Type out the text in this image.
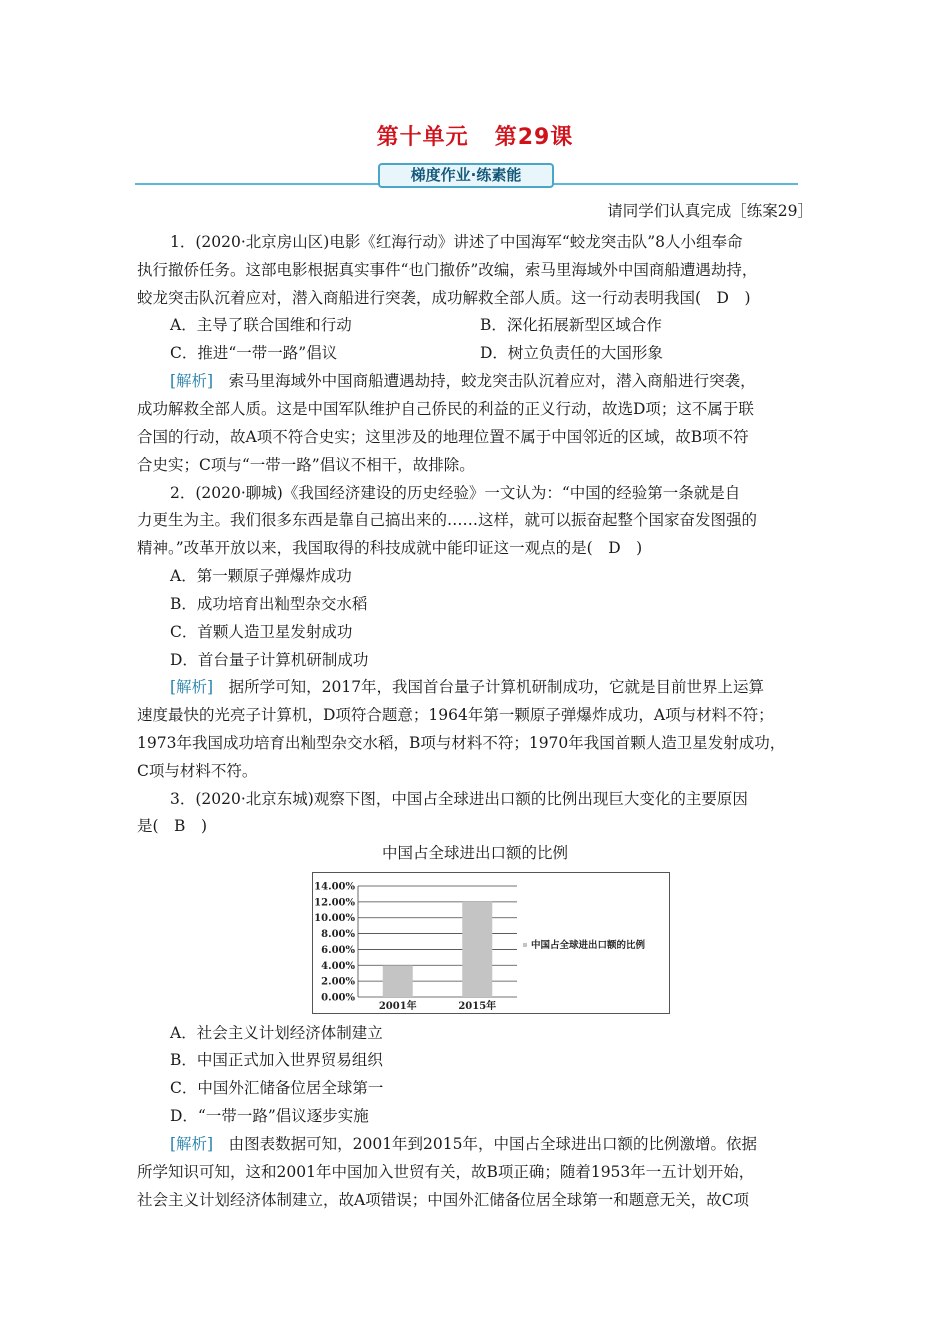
第十单元 第29课
梯度作业·练素能
请同学们认真完成［练案29］
1．(2020·北京房山区)电影《红海行动》讲述了中国海军“蛟龙突击队”8人小组奉命
执行撤侨任务。这部电影根据真实事件“也门撤侨”改编，索马里海域外中国商船遭遇劫持，
蛟龙突击队沉着应对，潜入商船进行突袭，成功解救全部人质。这一行动表明我国(　D　)
A．主导了联合国维和行动	B．深化拓展新型区域合作
C．推进“一带一路”倡议	D．树立负责任的大国形象
[解析]　索马里海域外中国商船遭遇劫持，蛟龙突击队沉着应对，潜入商船进行突袭，
成功解救全部人质。这是中国军队维护自己侨民的利益的正义行动，故选D项；这不属于联
合国的行动，故A项不符合史实；这里涉及的地理位置不属于中国邻近的区域，故B项不符
合史实；C项与“一带一路”倡议不相干，故排除。
2．(2020·聊城)《我国经济建设的历史经验》一文认为：“中国的经验第一条就是自
力更生为主。我们很多东西是靠自己搞出来的……这样，就可以振奋起整个国家奋发图强的
精神。”改革开放以来，我国取得的科技成就中能印证这一观点的是(　D　)
A．第一颗原子弹爆炸成功
B．成功培育出籼型杂交水稻
C．首颗人造卫星发射成功
D．首台量子计算机研制成功
[解析]　据所学可知，2017年，我国首台量子计算机研制成功，它就是目前世界上运算
速度最快的光亮子计算机，D项符合题意；1964年第一颗原子弹爆炸成功，A项与材料不符；
1973年我国成功培育出籼型杂交水稻，B项与材料不符；1970年我国首颗人造卫星发射成功，
C项与材料不符。
3．(2020·北京东城)观察下图，中国占全球进出口额的比例出现巨大变化的主要原因
是(　B　)
中国占全球进出口额的比例
0.00%
2.00%
4.00%
6.00%
8.00%
10.00%
12.00%
14.00%
2001年	2015年
中国占全球进出口额的比例
A．社会主义计划经济体制建立
B．中国正式加入世界贸易组织
C．中国外汇储备位居全球第一
D．“一带一路”倡议逐步实施
[解析]　由图表数据可知，2001年到2015年，中国占全球进出口额的比例激增。依据
所学知识可知，这和2001年中国加入世贸有关，故B项正确；随着1953年一五计划开始，
社会主义计划经济体制建立，故A项错误；中国外汇储备位居全球第一和题意无关，故C项
